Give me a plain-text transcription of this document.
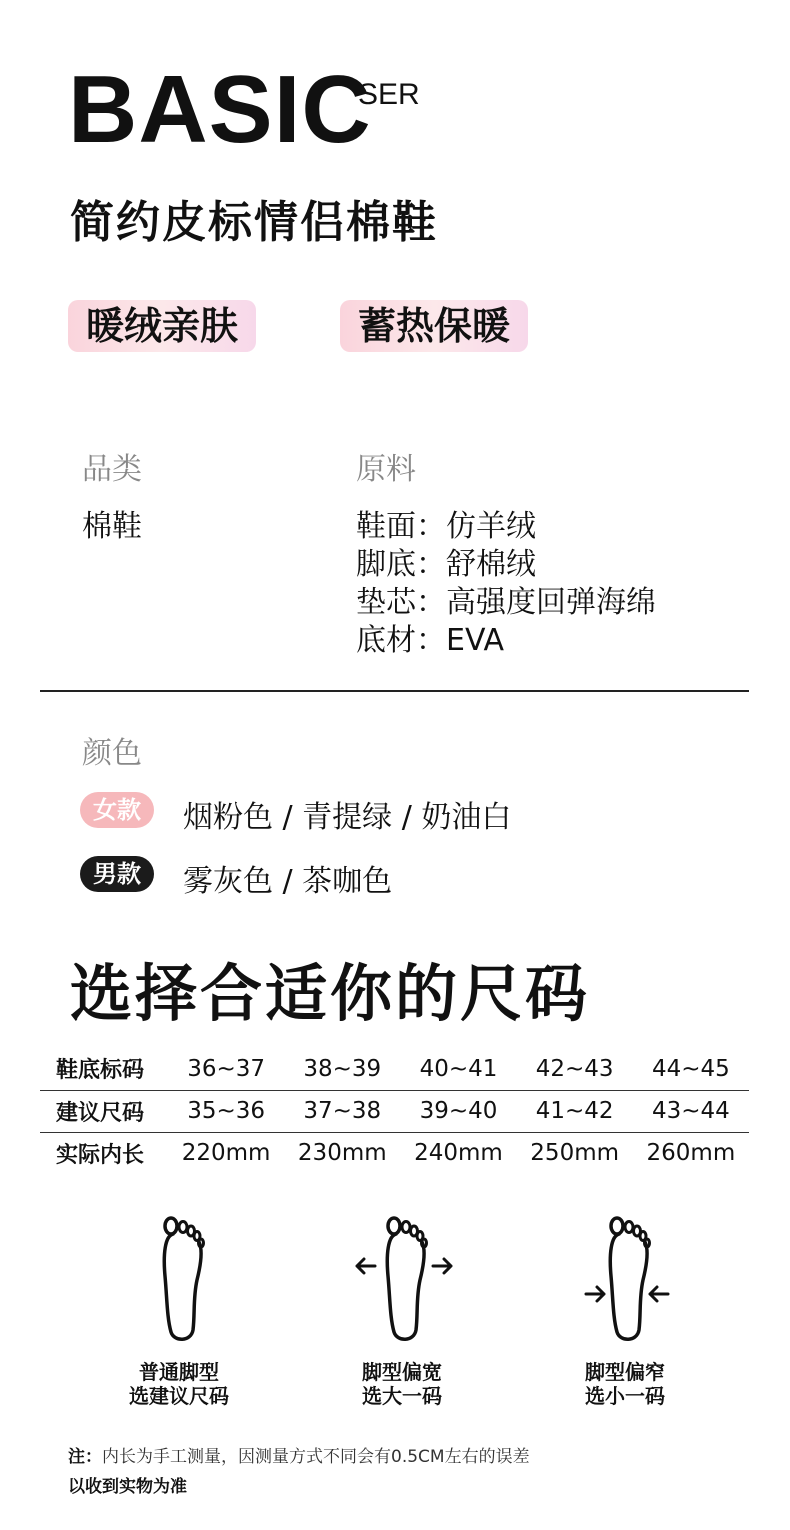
BASIC
SER
简约皮标情侣棉鞋
暖绒亲肤	蓄热保暖
品类
棉鞋
原料
鞋面：仿羊绒
脚底：舒棉绒
垫芯：高强度回弹海绵
底材：EVA
颜色
女款	烟粉色 / 青提绿 / 奶油白
男款	雾灰色 / 茶咖色
选择合适你的尺码
鞋底标码	36~37	38~39	40~41	42~43	44~45
建议尺码	35~36	37~38	39~40	41~42	43~44
实际内长	220mm	230mm	240mm	250mm	260mm
普通脚型
选建议尺码
脚型偏宽
选大一码
脚型偏窄
选小一码
注：内长为手工测量，因测量方式不同会有0.5CM左右的误差
以收到实物为准
